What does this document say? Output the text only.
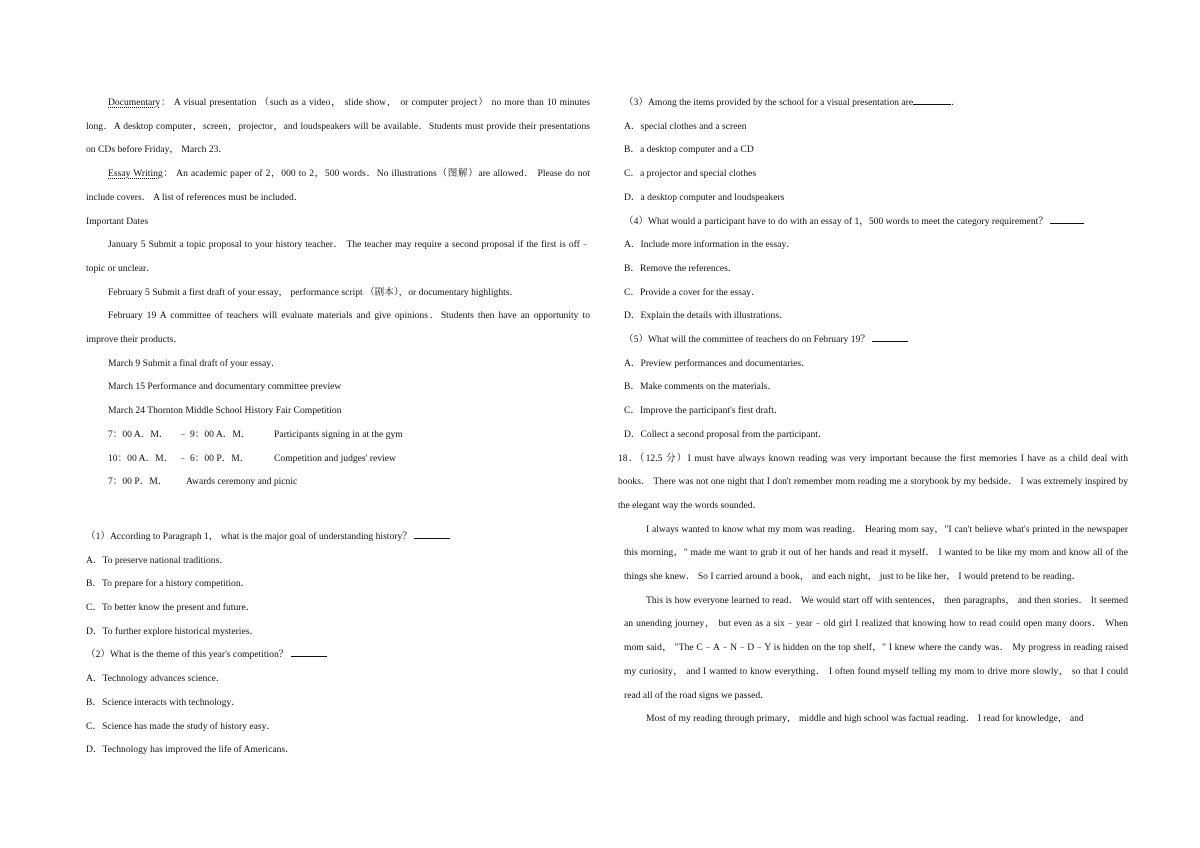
Documentary： A visual presentation （such as a video， slide show， or computer project） no more than 10 minutes long．A desktop computer，screen，projector，and loudspeakers will be available．Students must provide their presentations on CDs before Friday， March 23．

Essay Writing： An academic paper of 2，000 to 2，500 words．No illustrations（图解）are allowed． Please do not include covers． A list of references must be included．

Important Dates

January 5 Submit a topic proposal to your history teacher． The teacher may require a second proposal if the first is off﹣topic or unclear．

February 5 Submit a first draft of your essay， performance script （剧本），or documentary highlights．

February 19 A committee of teachers will evaluate materials and give opinions．Students then have an opportunity to improve their products．

March 9 Submit a final draft of your essay．

March 15 Performance and documentary committee preview

March 24 Thornton Middle School History Fair Competition

7：00 A．M． ﹣ 9：00 A．M． Participants signing in at the gym
10：00 A．M． ﹣ 6：00 P．M．	Competition and judges' review
7：00 P．M． Awards ceremony and picnic

（1）According to Paragraph 1， what is the major goal of understanding history？

A．To preserve national traditions．

B．To prepare for a history competition．

C．To better know the present and future．

D．To further explore historical mysteries．

（2）What is the theme of this year's competition？

A．Technology advances science．

B．Science interacts with technology．

C．Science has made the study of history easy．

D．Technology has improved the life of Americans．

（3）Among the items provided by the school for a visual presentation are	．

A．special clothes and a screen

B．a desktop computer and a CD

C．a projector and special clothes

D．a desktop computer and loudspeakers

（4）What would a participant have to do with an essay of 1，500 words to meet the category requirement？

A．Include more information in the essay．

B．Remove the references．

C．Provide a cover for the essay．

D．Explain the details with illustrations．

（5）What will the committee of teachers do on February 19？

A．Preview performances and documentaries．

B．Make comments on the materials．

C．Improve the participant's first draft．

D．Collect a second proposal from the participant．

18．（12.5 分）I must have always known reading was very important because the first memories I have as a child deal with books． There was not one night that I don't remember mom reading me a storybook by my bedside． I was extremely inspired by the elegant way the words sounded．

I always wanted to know what my mom was reading． Hearing mom say，"I can't believe what's printed in the newspaper this morning，" made me want to grab it out of her hands and read it myself． I wanted to be like my mom and know all of the things she knew． So I carried around a book， and each night， just to be like her， I would pretend to be reading．

This is how everyone learned to read． We would start off with sentences， then paragraphs， and then stories． It seemed an unending journey， but even as a six﹣year﹣old girl I realized that knowing how to read could open many doors． When mom said， "The C﹣A﹣N﹣D﹣Y is hidden on the top shelf，" I knew where the candy was． My progress in reading raised my curiosity， and I wanted to know everything． I often found myself telling my mom to drive more slowly， so that I could read all of the road signs we passed．

Most of my reading through primary， middle and high school was factual reading． I read for knowledge， and
